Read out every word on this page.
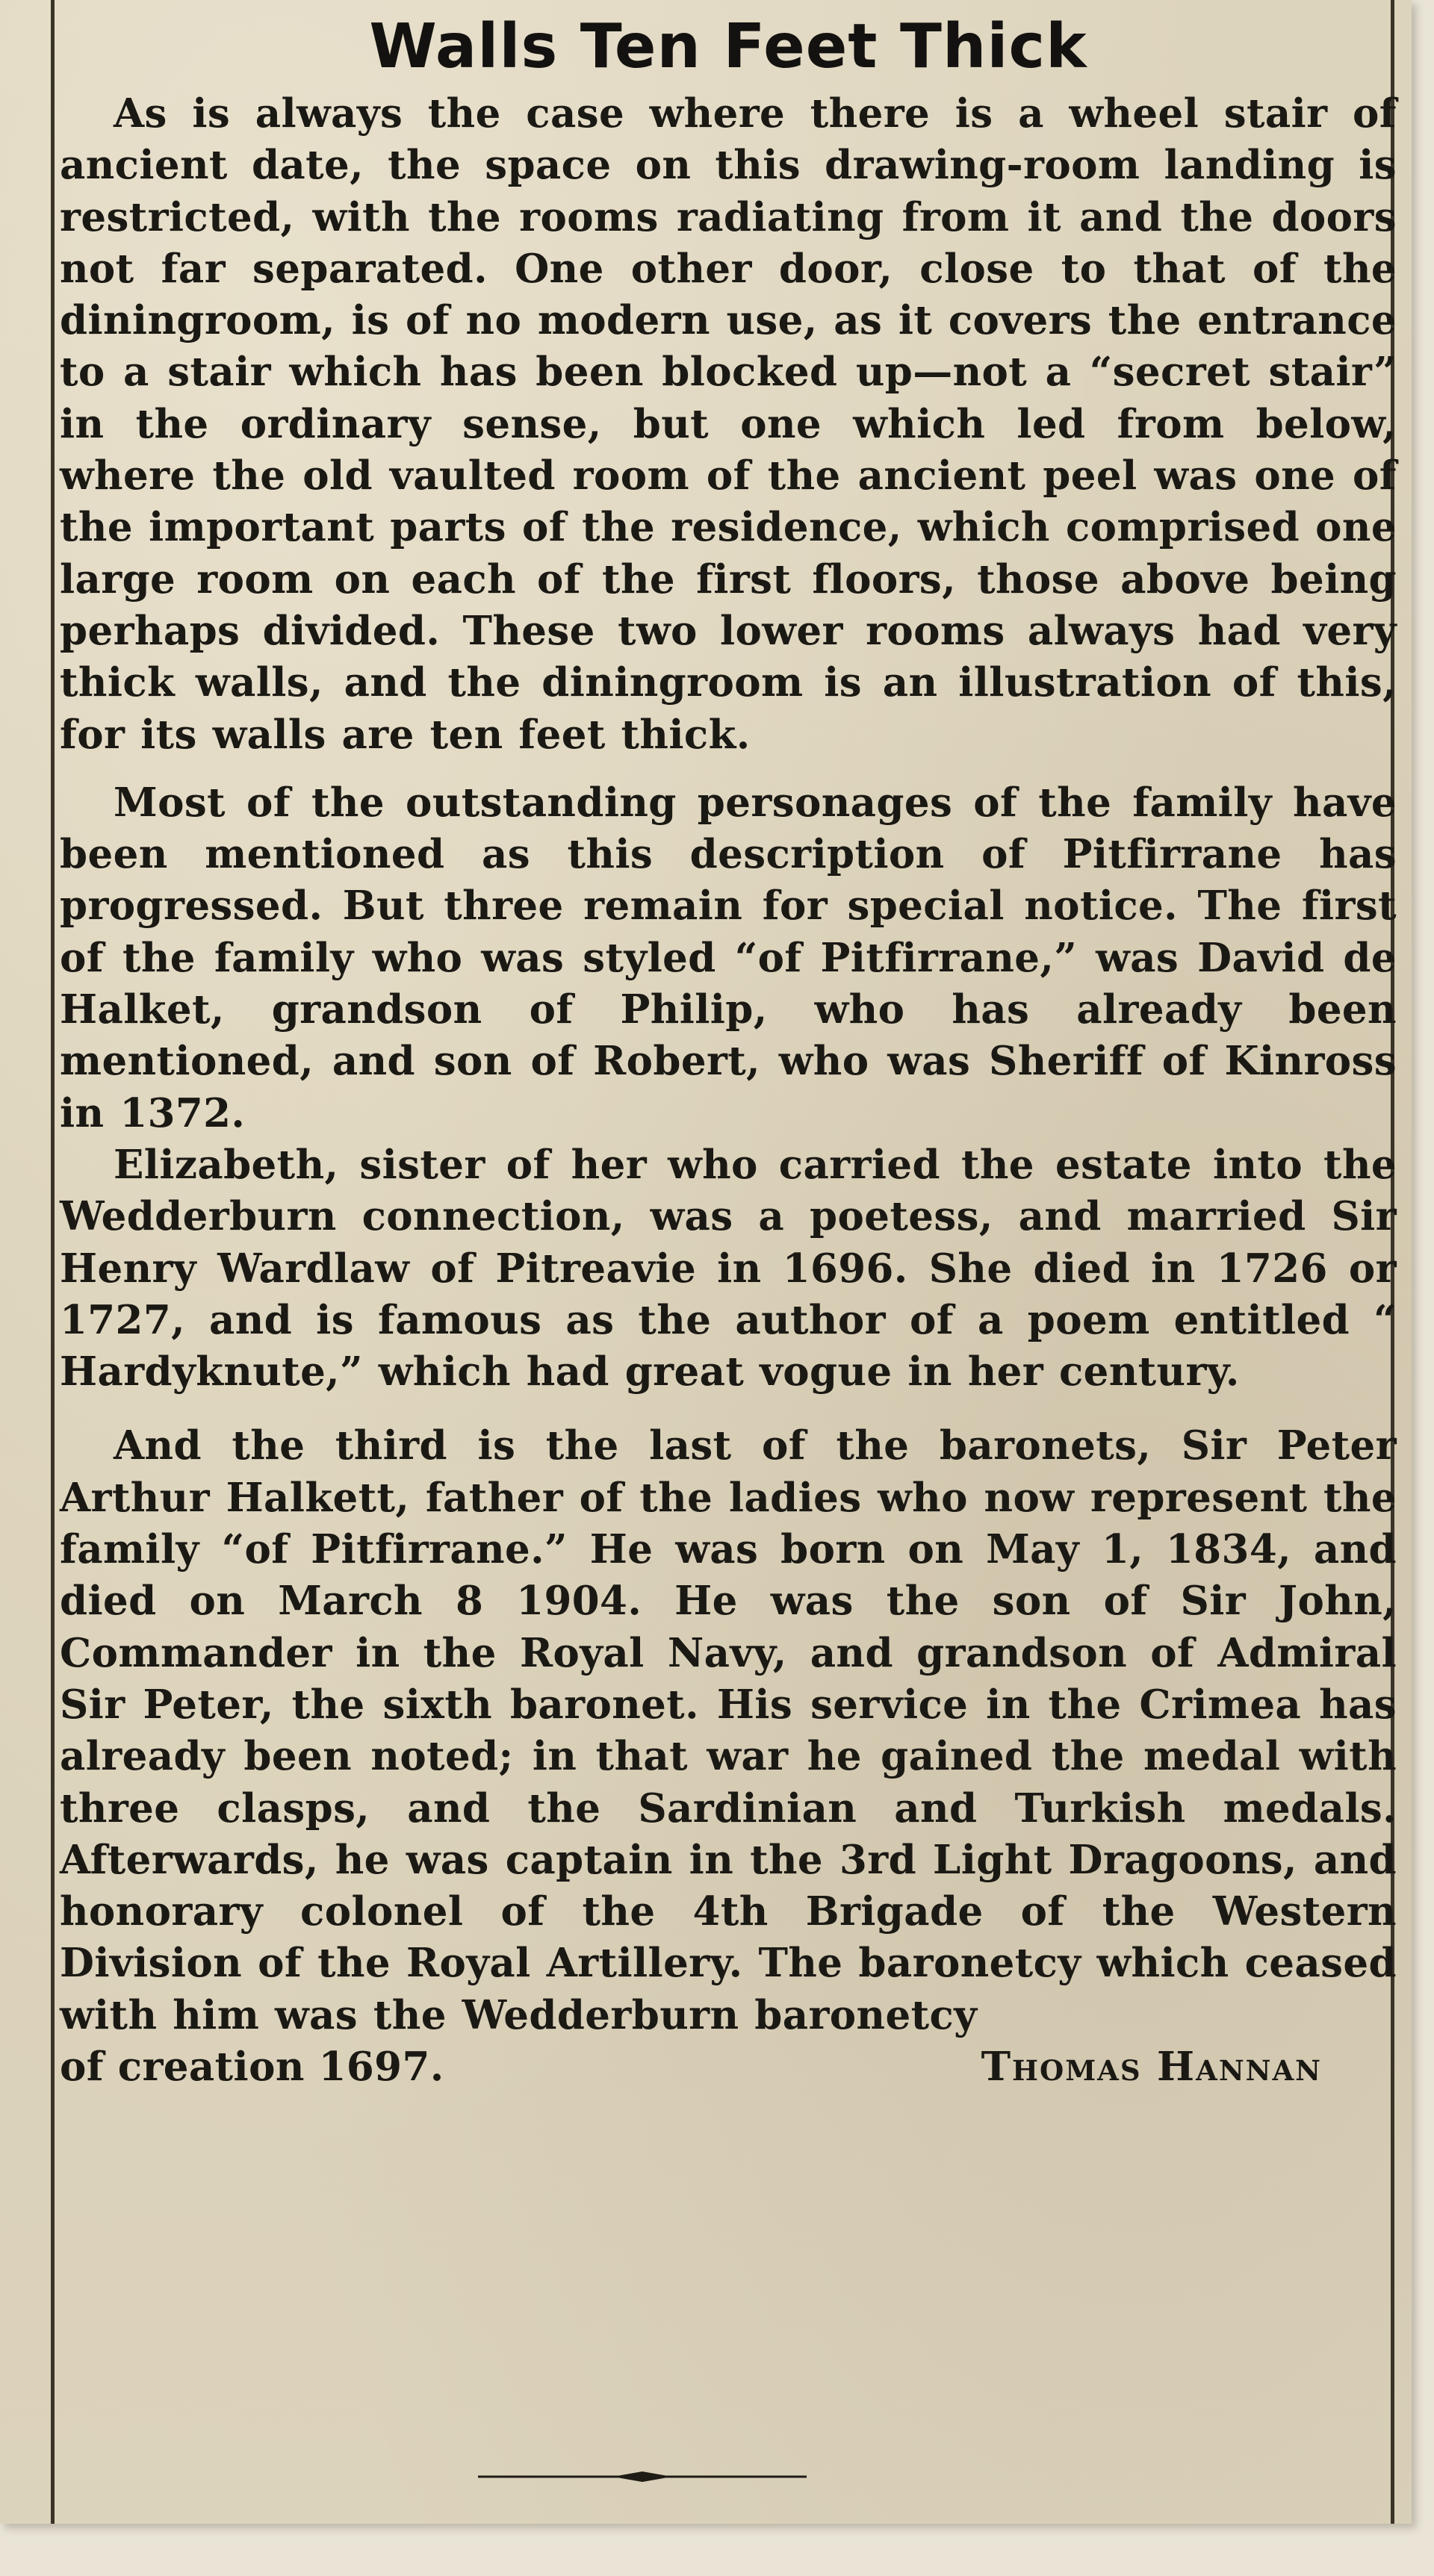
Walls Ten Feet Thick

As is always the case where there is a wheel stair of ancient date, the space on this drawing-room landing is restricted, with the rooms radiating from it and the doors not far separated. One other door, close to that of the diningroom, is of no modern use, as it covers the entrance to a stair which has been blocked up—not a “secret stair” in the ordinary sense, but one which led from below, where the old vaulted room of the ancient peel was one of the important parts of the residence, which comprised one large room on each of the first floors, those above being perhaps divided. These two lower rooms always had very thick walls, and the diningroom is an illustration of this, for its walls are ten feet thick.

Most of the outstanding personages of the family have been mentioned as this description of Pitfirrane has progressed. But three remain for special notice. The first of the family who was styled “of Pitfirrane,” was David de Halket, grandson of Philip, who has already been mentioned, and son of Robert, who was Sheriff of Kinross in 1372.

Elizabeth, sister of her who carried the estate into the Wedderburn connection, was a poetess, and married Sir Henry Wardlaw of Pitreavie in 1696. She died in 1726 or 1727, and is famous as the author of a poem entitled “ Hardyknute,” which had great vogue in her century.

And the third is the last of the baronets, Sir Peter Arthur Halkett, father of the ladies who now represent the family “of Pitfirrane.” He was born on May 1, 1834, and died on March 8 1904. He was the son of Sir John, Commander in the Royal Navy, and grandson of Admiral Sir Peter, the sixth baronet. His service in the Crimea has already been noted; in that war he gained the medal with three clasps, and the Sardinian and Turkish medals. Afterwards, he was captain in the 3rd Light Dragoons, and honorary colonel of the 4th Brigade of the Western Division of the Royal Artillery. The baronetcy which ceased with him was the Wedderburn baronetcy

of creation 1697.	Thomas Hannan
